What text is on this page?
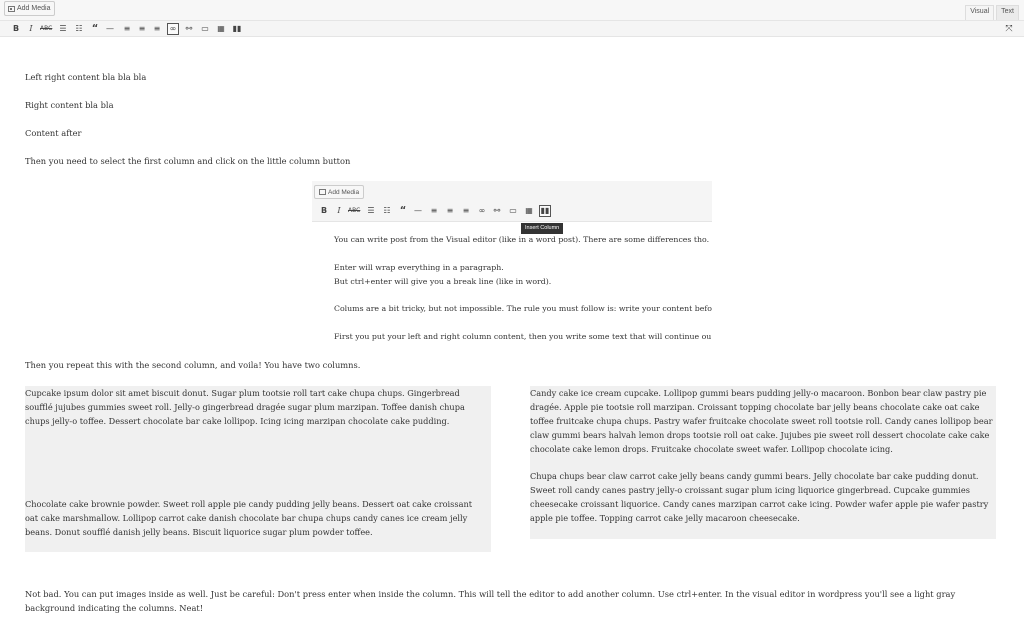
Add Media	Visual	Text
B	I	ABC ☰	☷ “ —	≡	≡	≡	∞	⚯	▭ ▦ ▮▮	⤧

Left right content bla bla bla

Right content bla bla

Content after

Then you need to select the first column and click on the little column button

Add Media
B	I	ABC ☰	☷ “ —	≡	≡	≡	∞	⚯	▭ ▦ ▮▮

You can write post from the Visual editor (like in a word post). There are some differences tho.

Enter will wrap everything in a paragraph.

But ctrl+enter will give you a break line (like in word).

Colums are a bit tricky, but not impossible. The rule you must follow is: write your content befo

First you put your left and right column content, then you write some text that will continue ou

Insert Column

Then you repeat this with the second column, and voila! You have two columns.

Cupcake ipsum dolor sit amet biscuit donut. Sugar plum tootsie roll tart cake chupa chups. Gingerbread soufflé jujubes gummies sweet roll. Jelly-o gingerbread dragée sugar plum marzipan. Toffee danish chupa chups jelly-o toffee. Dessert chocolate bar cake lollipop. Icing icing marzipan chocolate cake pudding.

Chocolate cake brownie powder. Sweet roll apple pie candy pudding jelly beans. Dessert oat cake croissant oat cake marshmallow. Lollipop carrot cake danish chocolate bar chupa chups candy canes ice cream jelly beans. Donut soufflé danish jelly beans. Biscuit liquorice sugar plum powder toffee.

Candy cake ice cream cupcake. Lollipop gummi bears pudding jelly-o macaroon. Bonbon bear claw pastry pie dragée. Apple pie tootsie roll marzipan. Croissant topping chocolate bar jelly beans chocolate cake oat cake toffee fruitcake chupa chups. Pastry wafer fruitcake chocolate sweet roll tootsie roll. Candy canes lollipop bear claw gummi bears halvah lemon drops tootsie roll oat cake. Jujubes pie sweet roll dessert chocolate cake cake chocolate cake lemon drops. Fruitcake chocolate sweet wafer. Lollipop chocolate icing.

Chupa chups bear claw carrot cake jelly beans candy gummi bears. Jelly chocolate bar cake pudding donut. Sweet roll candy canes pastry jelly-o croissant sugar plum icing liquorice gingerbread. Cupcake gummies cheesecake croissant liquorice. Candy canes marzipan carrot cake icing. Powder wafer apple pie wafer pastry apple pie toffee. Topping carrot cake jelly macaroon cheesecake.

Not bad. You can put images inside as well. Just be careful: Don't press enter when inside the column. This will tell the editor to add another column. Use ctrl+enter. In the visual editor in wordpress you'll see a light gray background indicating the columns. Neat!
